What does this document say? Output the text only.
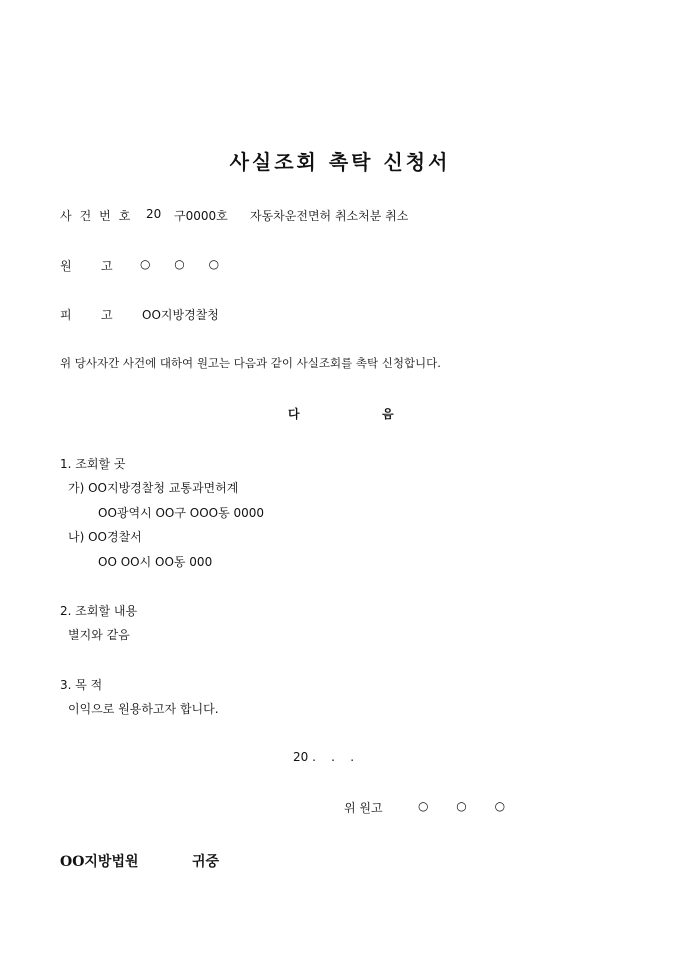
사실조회 촉탁 신청서
사건번호 20 구0000호 자동차운전면허 취소처분 취소
원 고 ○ ○ ○
피 고 OO지방경찰청
위 당사자간 사건에 대하여 원고는 다음과 같이 사실조회를 촉탁 신청합니다.
다	음
1. 조회할 곳
가) OO지방경찰청 교통과면허계
OO광역시 OO구 OOO동 0000
나) OO경찰서
OO OO시 OO동 000
2. 조회할 내용
별지와 같음
3. 목 적
이익으로 원용하고자 합니다.
20 .    .    .
위 원고	○ ○ ○
OO지방법원	귀중
